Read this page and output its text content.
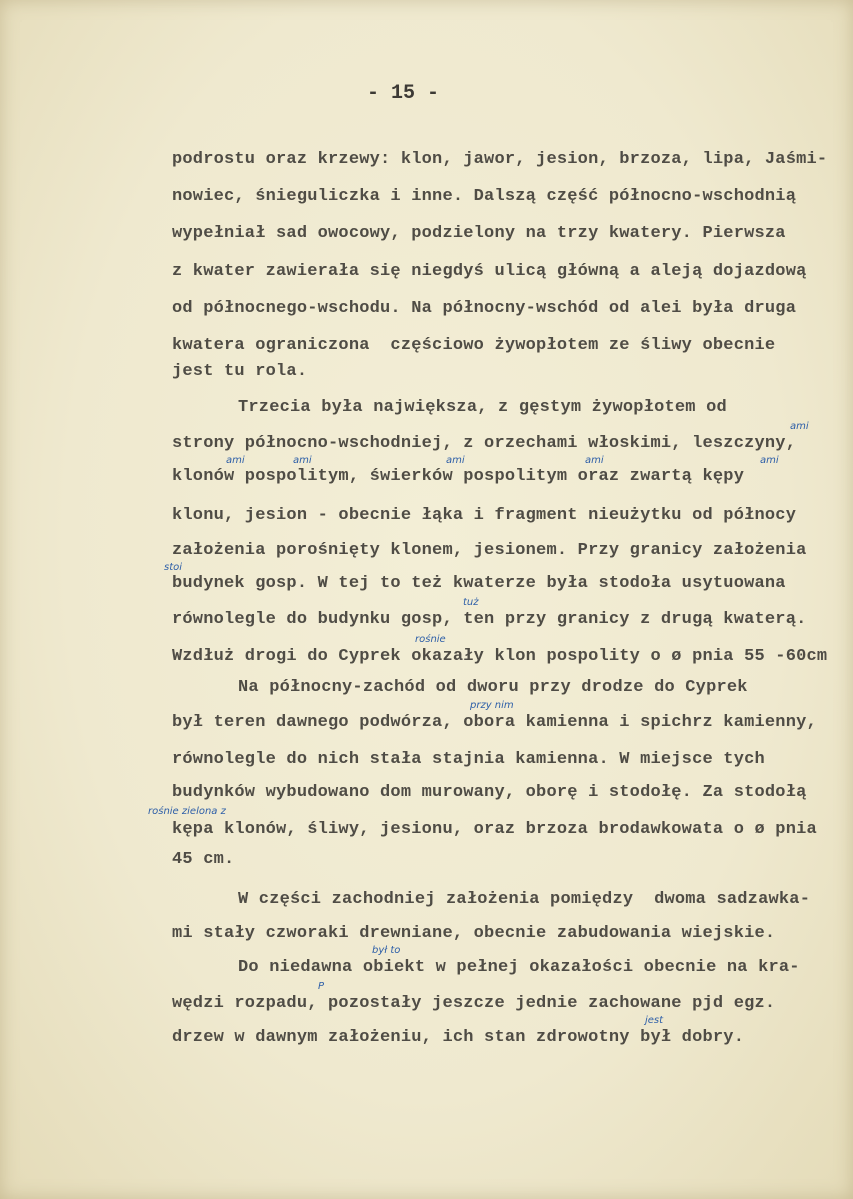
- 15 -
podrostu oraz krzewy: klon, jawor, jesion, brzoza, lipa, Jaśmi-
nowiec, śnieguliczka i inne. Dalszą część północno-wschodnią
wypełniał sad owocowy, podzielony na trzy kwatery. Pierwsza
z kwater zawierała się niegdyś ulicą główną a aleją dojazdową
od północnego-wschodu. Na północny-wschód od alei była druga
kwatera ograniczona  częściowo żywopłotem ze śliwy obecnie
jest tu rola.
Trzecia była największa, z gęstym żywopłotem od
strony północno-wschodniej, z orzechami włoskimi, leszczyny,
klonów pospolitym, świerków pospolitym oraz zwartą kępy
klonu, jesion - obecnie łąka i fragment nieużytku od północy
założenia porośnięty klonem, jesionem. Przy granicy założenia
budynek gosp. W tej to też kwaterze była stodoła usytuowana
równolegle do budynku gosp, ten przy granicy z drugą kwaterą.
Wzdłuż drogi do Cyprek okazały klon pospolity o ø pnia 55 -60cm
Na północny-zachód od dworu przy drodze do Cyprek
był teren dawnego podwórza, obora kamienna i spichrz kamienny,
równolegle do nich stała stajnia kamienna. W miejsce tych
budynków wybudowano dom murowany, oborę i stodołę. Za stodołą
kępa klonów, śliwy, jesionu, oraz brzoza brodawkowata o ø pnia
45 cm.
W części zachodniej założenia pomiędzy  dwoma sadzawka-
mi stały czworaki drewniane, obecnie zabudowania wiejskie.
Do niedawna obiekt w pełnej okazałości obecnie na kra-
wędzi rozpadu, pozostały jeszcze jednie zachowane pjd egz.
drzew w dawnym założeniu, ich stan zdrowotny był dobry.
ami
ami	ami	ami	ami	ami
stoi
tuż
rośnie
przy nim
rośnie zielona z
był to
P
jest
